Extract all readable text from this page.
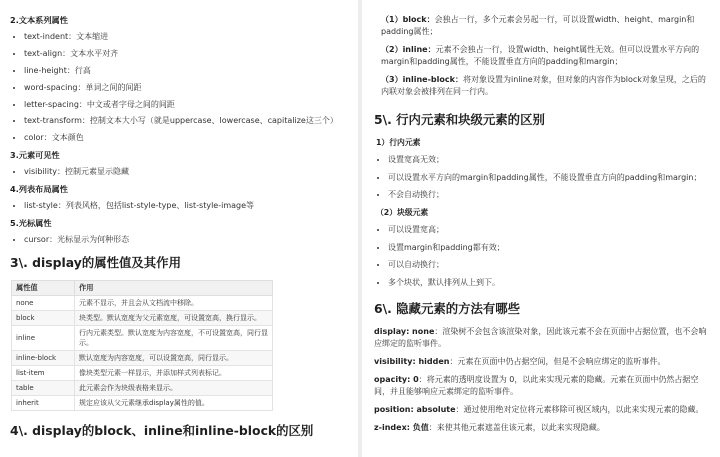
2.文本系列属性
• text-indent：文本缩进
• text-align：文本水平对齐
• line-height：行高
• word-spacing：单词之间的间距
• letter-spacing：中文或者字母之间的间距
• text-transform：控制文本大小写（就是uppercase、lowercase、capitalize这三个）
• color：文本颜色
3.元素可见性
• visibility：控制元素显示隐藏
4.列表布局属性
• list-style：列表风格，包括list-style-type、list-style-image等
5.光标属性
• cursor：光标显示为何种形态
3\. display的属性值及其作用
属性值	作用
none	元素不显示，并且会从文档流中移除。
block	块类型。默认宽度为父元素宽度，可设置宽高，换行显示。
inline	行内元素类型。默认宽度为内容宽度，不可设置宽高，同行显示。
inline-block	默认宽度为内容宽度，可以设置宽高，同行显示。
list-item	像块类型元素一样显示，并添加样式列表标记。
table	此元素会作为块级表格来显示。
inherit	规定应该从父元素继承display属性的值。
4\. display的block、inline和inline-block的区别

（1）block：会独占一行，多个元素会另起一行，可以设置width、height、margin和padding属性；

（2）inline：元素不会独占一行，设置width、height属性无效。但可以设置水平方向的margin和padding属性，不能设置垂直方向的padding和margin；

（3）inline-block：将对象设置为inline对象，但对象的内容作为block对象呈现，之后的内联对象会被排列在同一行内。

5\. 行内元素和块级元素的区别
1）行内元素
• 设置宽高无效；
• 可以设置水平方向的margin和padding属性，不能设置垂直方向的padding和margin；
• 不会自动换行；
（2）块级元素
• 可以设置宽高；
• 设置margin和padding都有效；
• 可以自动换行；
• 多个块状，默认排列从上到下。
6\. 隐藏元素的方法有哪些

display: none：渲染树不会包含该渲染对象，因此该元素不会在页面中占据位置，也不会响应绑定的监听事件。

visibility: hidden：元素在页面中仍占据空间，但是不会响应绑定的监听事件。

opacity: 0：将元素的透明度设置为 0，以此来实现元素的隐藏。元素在页面中仍然占据空间，并且能够响应元素绑定的监听事件。

position: absolute：通过使用绝对定位将元素移除可视区域内，以此来实现元素的隐藏。

z-index: 负值：来使其他元素遮盖住该元素，以此来实现隐藏。
